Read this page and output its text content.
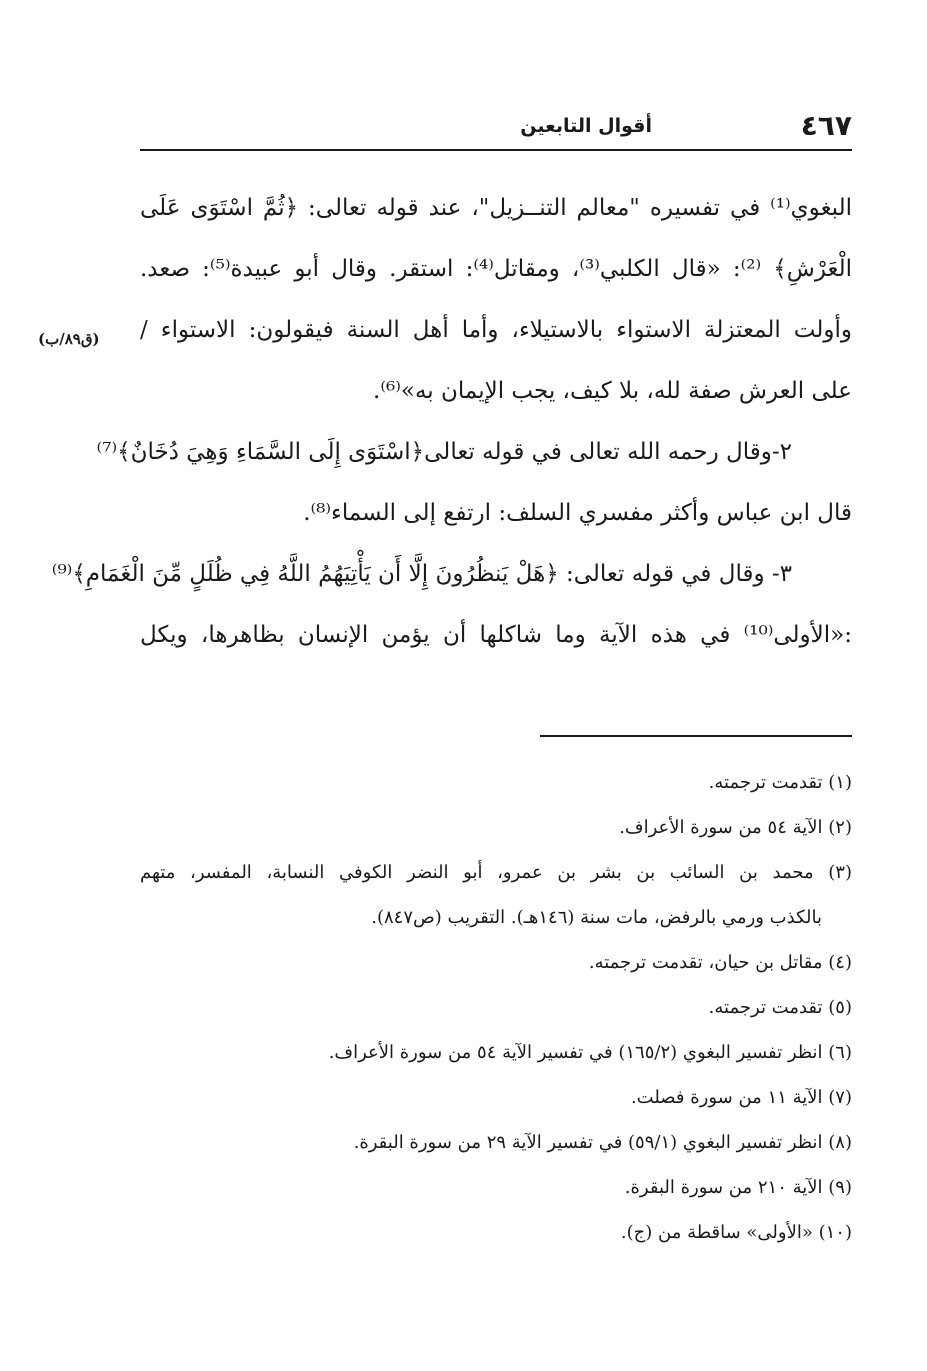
٤٦٧
أقوال التابعين
(ق٨٩/ب)
البغوي⁽¹⁾ في تفسيره "معالم التنــزيل"، عند قوله تعالى: ﴿ثُمَّ اسْتَوَى عَلَى
الْعَرْشِ﴾ ⁽²⁾: «قال الكلبي⁽³⁾، ومقاتل⁽⁴⁾: استقر. وقال أبو عبيدة⁽⁵⁾: صعد.
وأولت المعتزلة الاستواء بالاستيلاء، وأما أهل السنة فيقولون: الاستواء /
على العرش صفة لله، بلا كيف، يجب الإيمان به»⁽⁶⁾.
٢-وقال رحمه الله تعالى في قوله تعالى﴿اسْتَوَى إِلَى السَّمَاءِ وَهِيَ دُخَانٌ﴾⁽⁷⁾
قال ابن عباس وأكثر مفسري السلف: ارتفع إلى السماء⁽⁸⁾.
٣- وقال في قوله تعالى: ﴿هَلْ يَنظُرُونَ إِلَّا أَن يَأْتِيَهُمُ اللَّهُ فِي ظُلَلٍ مِّنَ الْغَمَامِ﴾⁽⁹⁾
:«الأولى⁽¹⁰⁾ في هذه الآية وما شاكلها أن يؤمن الإنسان بظاهرها، ويكل
(١) تقدمت ترجمته.
(٢) الآية ٥٤ من سورة الأعراف.
(٣) محمد بن السائب بن بشر بن عمرو، أبو النضر الكوفي النسابة، المفسر، متهم
بالكذب ورمي بالرفض، مات سنة (١٤٦هـ). التقريب (ص٨٤٧).
(٤) مقاتل بن حيان، تقدمت ترجمته.
(٥) تقدمت ترجمته.
(٦) انظر تفسير البغوي (١٦٥/٢) في تفسير الآية ٥٤ من سورة الأعراف.
(٧) الآية ١١ من سورة فصلت.
(٨) انظر تفسير البغوي (٥٩/١) في تفسير الآية ٢٩ من سورة البقرة.
(٩) الآية ٢١٠ من سورة البقرة.
(١٠) «الأولى» ساقطة من (ج).
